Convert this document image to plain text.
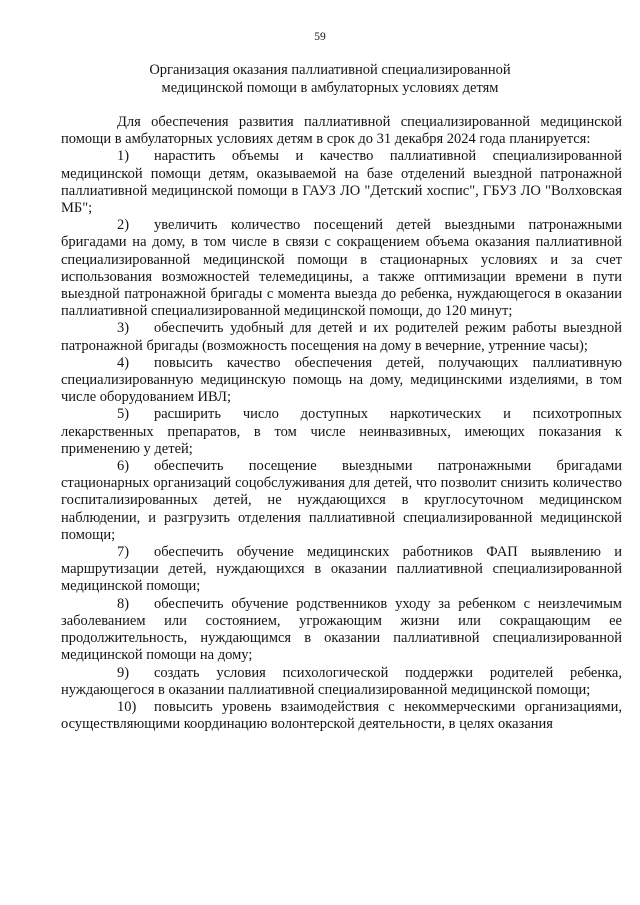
59
Организация оказания паллиативной специализированной
медицинской помощи в амбулаторных условиях детям
Для обеспечения развития паллиативной специализированной медицинской помощи в амбулаторных условиях детям в срок до 31 декабря 2024 года планируется:
1) нарастить объемы и качество паллиативной специализированной медицинской помощи детям, оказываемой на базе отделений выездной патронажной паллиативной медицинской помощи в ГАУЗ ЛО "Детский хоспис", ГБУЗ ЛО "Волховская МБ";
2) увеличить количество посещений детей выездными патронажными бригадами на дому, в том числе в связи с сокращением объема оказания паллиативной специализированной медицинской помощи в стационарных условиях и за счет использования возможностей телемедицины, а также оптимизации времени в пути выездной патронажной бригады с момента выезда до ребенка, нуждающегося в оказании паллиативной специализированной медицинской помощи, до 120 минут;
3) обеспечить удобный для детей и их родителей режим работы выездной патронажной бригады (возможность посещения на дому в вечерние, утренние часы);
4) повысить качество обеспечения детей, получающих паллиативную специализированную медицинскую помощь на дому, медицинскими изделиями, в том числе оборудованием ИВЛ;
5) расширить число доступных наркотических и психотропных лекарственных препаратов, в том числе неинвазивных, имеющих показания к применению у детей;
6) обеспечить посещение выездными патронажными бригадами стационарных организаций соцобслуживания для детей, что позволит снизить количество госпитализированных детей, не нуждающихся в круглосуточном медицинском наблюдении, и разгрузить отделения паллиативной специализированной медицинской помощи;
7) обеспечить обучение медицинских работников ФАП выявлению и маршрутизации детей, нуждающихся в оказании паллиативной специализированной медицинской помощи;
8) обеспечить обучение родственников уходу за ребенком с неизлечимым заболеванием или состоянием, угрожающим жизни или сокращающим ее продолжительность, нуждающимся в оказании паллиативной специализированной медицинской помощи на дому;
9) создать условия психологической поддержки родителей ребенка, нуждающегося в оказании паллиативной специализированной медицинской помощи;
10) повысить уровень взаимодействия с некоммерческими организациями, осуществляющими координацию волонтерской деятельности, в целях оказания
